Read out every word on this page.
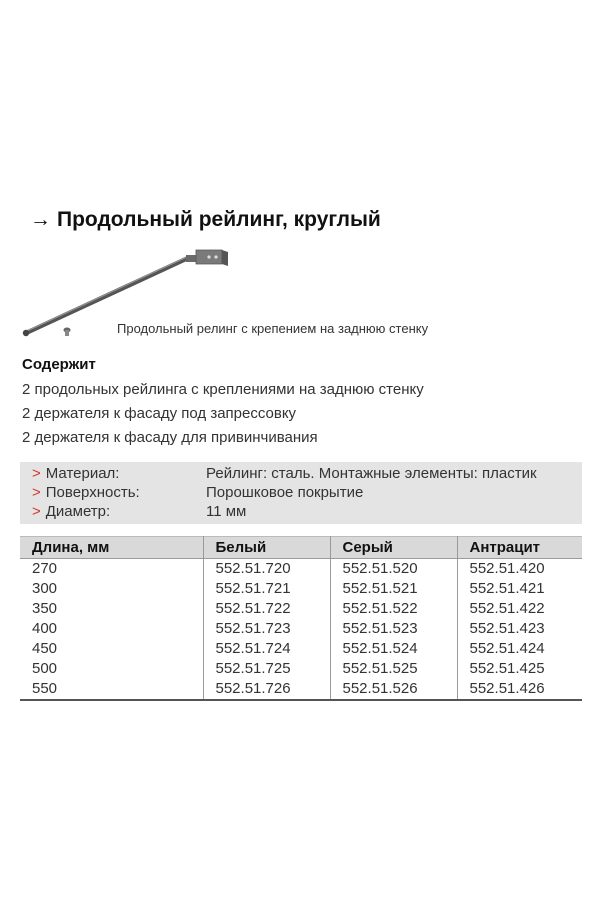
→ Продольный рейлинг, круглый
Продольный релинг с крепением на заднюю стенку
Содержит
2 продольных рейлинга с креплениями на заднюю стенку
2 держателя к фасаду под запрессовку
2 держателя к фасаду для привинчивания
> Материал:	Рейлинг: сталь. Монтажные элементы: пластик
> Поверхность:	Порошковое покрытие
> Диаметр:	11 мм
Длина, мм	Белый	Серый	Антрацит
270	552.51.720	552.51.520	552.51.420
300	552.51.721	552.51.521	552.51.421
350	552.51.722	552.51.522	552.51.422
400	552.51.723	552.51.523	552.51.423
450	552.51.724	552.51.524	552.51.424
500	552.51.725	552.51.525	552.51.425
550	552.51.726	552.51.526	552.51.426
